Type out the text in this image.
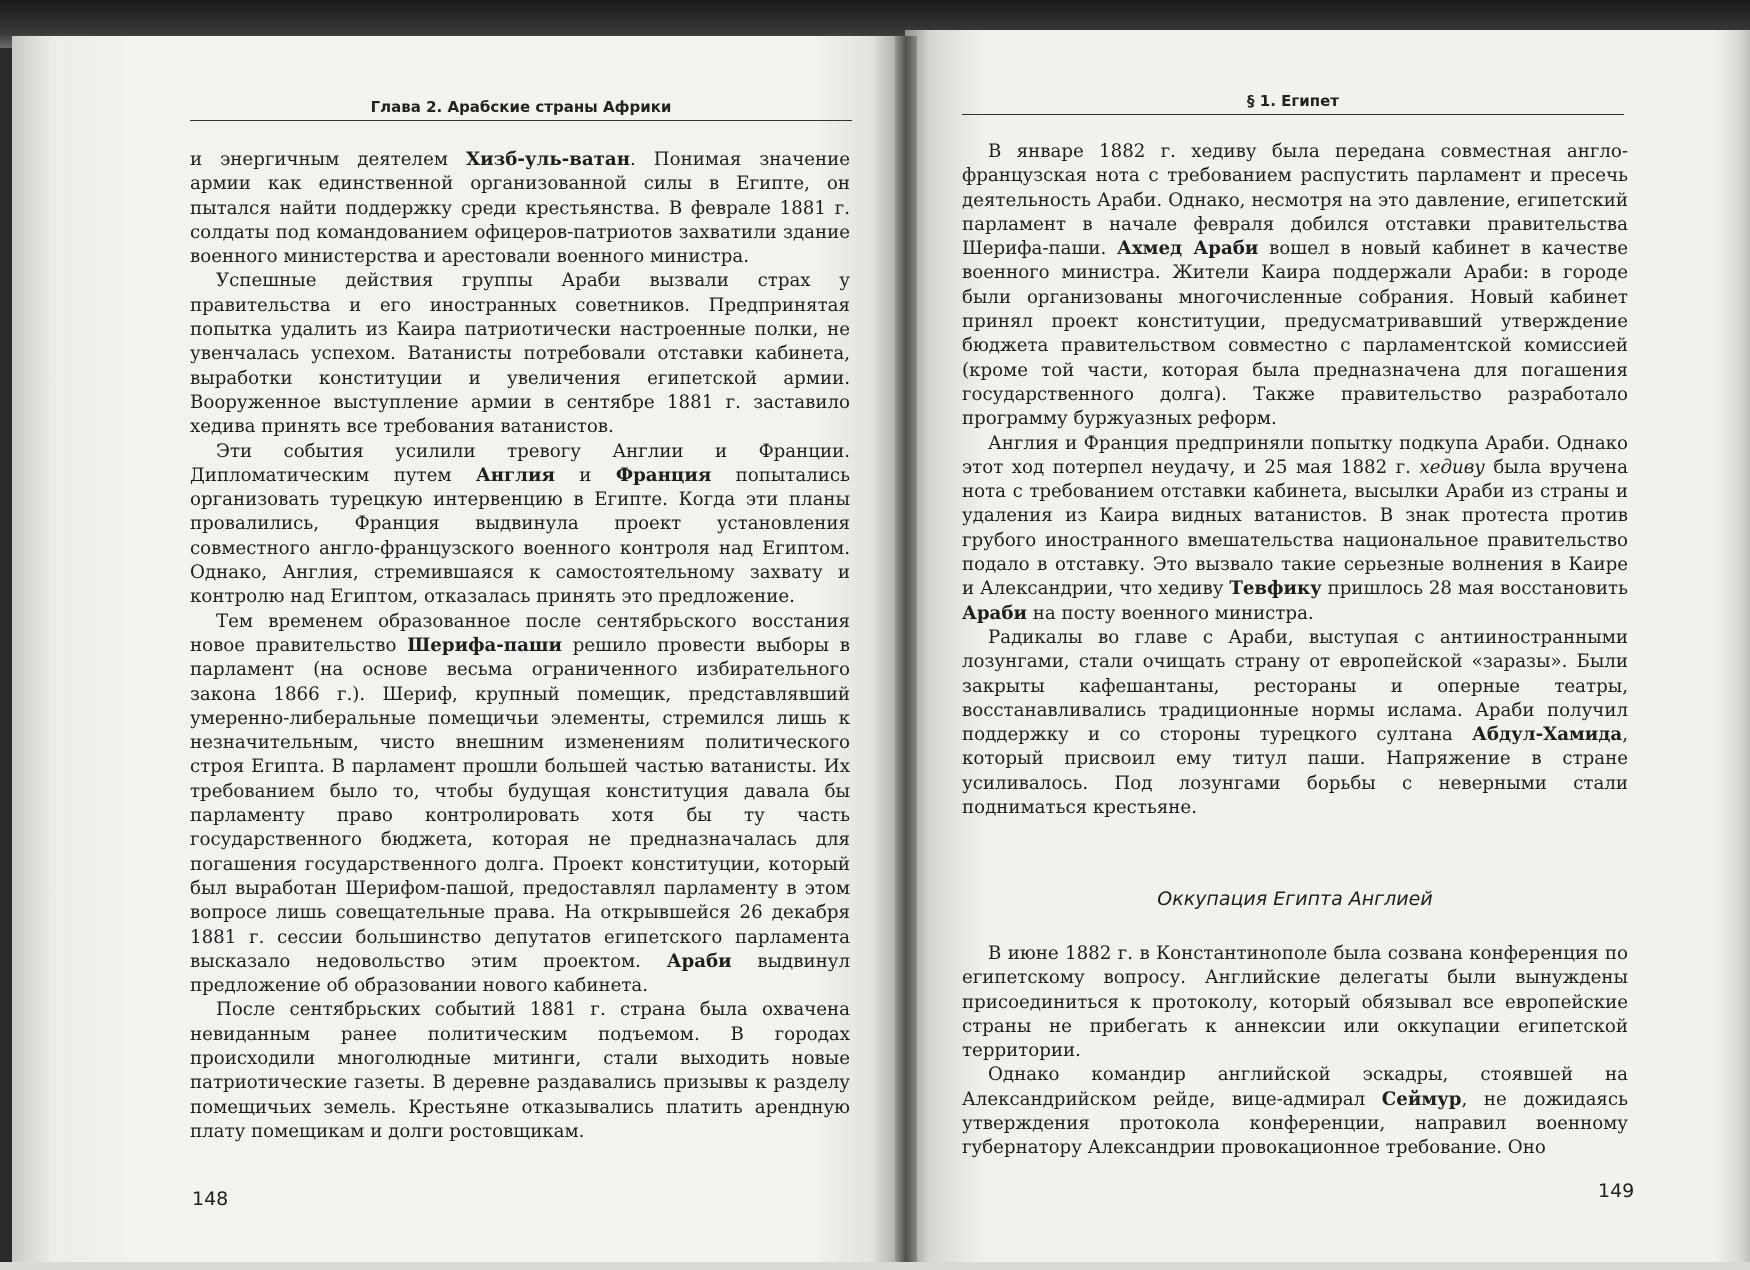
Глава 2. Арабские страны Африки

и энергичным деятелем Хизб-уль-ватан. Понимая значение армии как единственной организованной силы в Египте, он пытался найти поддержку среди крестьянства. В феврале 1881 г. солдаты под командованием офицеров-патриотов захватили здание военного министерства и арестовали военного министра.

Успешные действия группы Араби вызвали страх у правительства и его иностранных советников. Предпринятая попытка удалить из Каира патриотически настроенные полки, не увенчалась успехом. Ватанисты потребовали отставки кабинета, выработки конституции и увеличения египетской армии. Вооруженное выступление армии в сентябре 1881 г. заставило хедива принять все требования ватанистов.

Эти события усилили тревогу Англии и Франции. Дипломатическим путем Англия и Франция попытались организовать турецкую интервенцию в Египте. Когда эти планы провалились, Франция выдвинула проект установления совместного англо-французского военного контроля над Египтом. Однако, Англия, стремившаяся к самостоятельному захвату и контролю над Египтом, отказалась принять это предложение.

Тем временем образованное после сентябрьского восстания новое правительство Шерифа-паши решило провести выборы в парламент (на основе весьма ограниченного избирательного закона 1866 г.). Шериф, крупный помещик, представлявший умеренно-либеральные помещичьи элементы, стремился лишь к незначительным, чисто внешним изменениям политического строя Египта. В парламент прошли большей частью ватанисты. Их требованием было то, чтобы будущая конституция давала бы парламенту право контролировать хотя бы ту часть государственного бюджета, которая не предназначалась для погашения государственного долга. Проект конституции, который был выработан Шерифом-пашой, предоставлял парламенту в этом вопросе лишь совещательные права. На открывшейся 26 декабря 1881 г. сессии большинство депутатов египетского парламента высказало недовольство этим проектом. Араби выдвинул предложение об образовании нового кабинета.

После сентябрьских событий 1881 г. страна была охвачена невиданным ранее политическим подъемом. В городах происходили многолюдные митинги, стали выходить новые патриотические газеты. В деревне раздавались призывы к разделу помещичьих земель. Крестьяне отказывались платить арендную плату помещикам и долги ростовщикам.

148
§ 1. Египет

В январе 1882 г. хедиву была передана совместная англо-французская нота с требованием распустить парламент и пресечь деятельность Араби. Однако, несмотря на это давление, египетский парламент в начале февраля добился отставки правительства Шерифа-паши. Ахмед Араби вошел в новый кабинет в качестве военного министра. Жители Каира поддержали Араби: в городе были организованы многочисленные собрания. Новый кабинет принял проект конституции, предусматривавший утверждение бюджета правительством совместно с парламентской комиссией (кроме той части, которая была предназначена для погашения государственного долга). Также правительство разработало программу буржуазных реформ.

Англия и Франция предприняли попытку подкупа Араби. Однако этот ход потерпел неудачу, и 25 мая 1882 г. хедиву была вручена нота с требованием отставки кабинета, высылки Араби из страны и удаления из Каира видных ватанистов. В знак протеста против грубого иностранного вмешательства национальное правительство подало в отставку. Это вызвало такие серьезные волнения в Каире и Александрии, что хедиву Тевфику пришлось 28 мая восстановить Араби на посту военного министра.

Радикалы во главе с Араби, выступая с антииностранными лозунгами, стали очищать страну от европейской «заразы». Были закрыты кафешантаны, рестораны и оперные театры, восстанавливались традиционные нормы ислама. Араби получил поддержку и со стороны турецкого султана Абдул-Хамида, который присвоил ему титул паши. Напряжение в стране усиливалось. Под лозунгами борьбы с неверными стали подниматься крестьяне.

Оккупация Египта Англией

В июне 1882 г. в Константинополе была созвана конференция по египетскому вопросу. Английские делегаты были вынуждены присоединиться к протоколу, который обязывал все европейские страны не прибегать к аннексии или оккупации египетской территории.

Однако командир английской эскадры, стоявшей на Александрийском рейде, вице-адмирал Сеймур, не дожидаясь утверждения протокола конференции, направил военному губернатору Александрии провокационное требование. Оно

149
